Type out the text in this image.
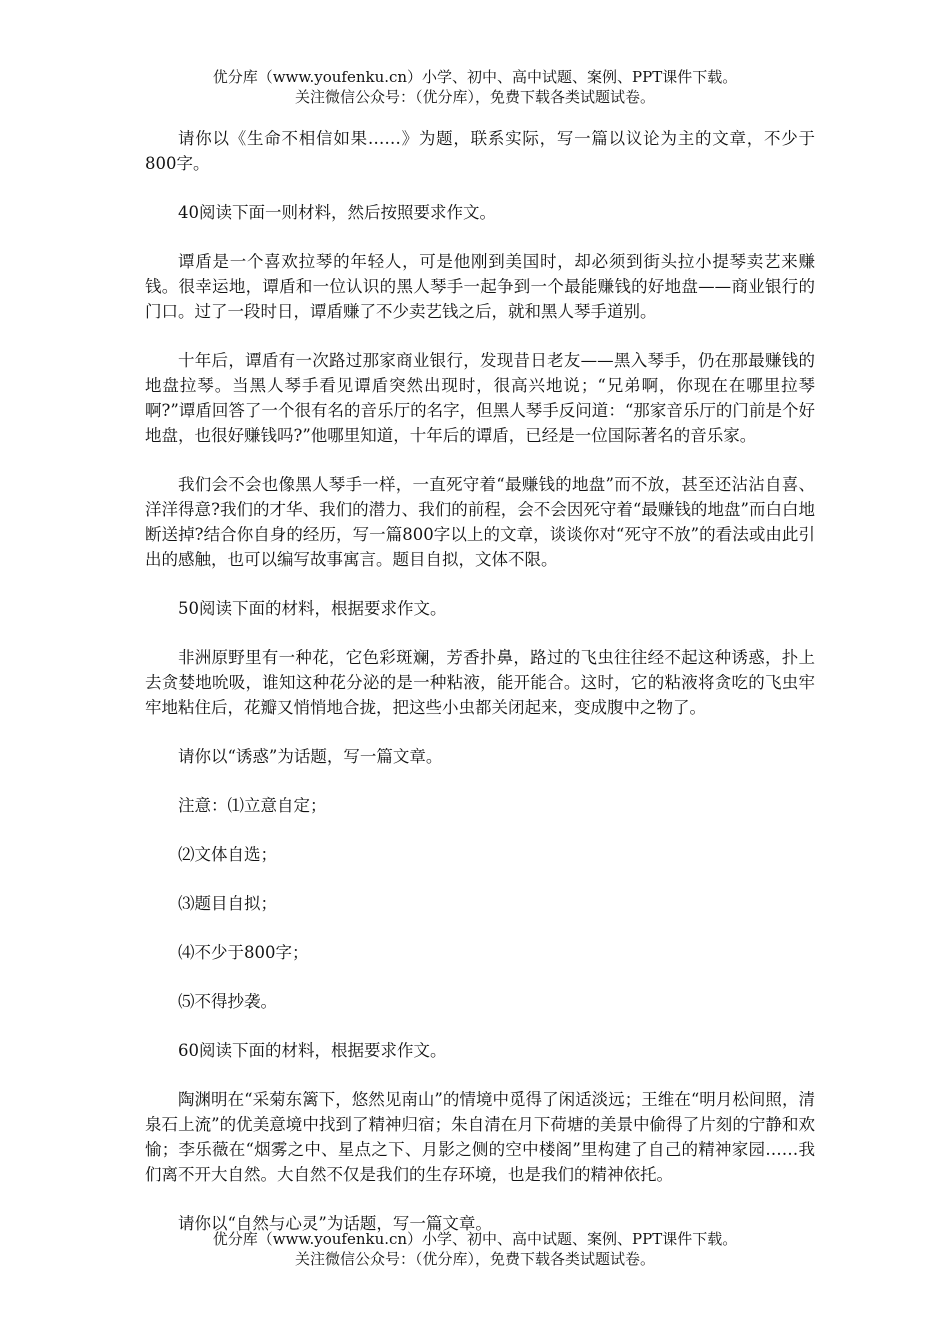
优分库（www.youfenku.cn）小学、初中、高中试题、案例、PPT课件下载。
关注微信公众号：（优分库），免费下载各类试题试卷。

请你以《生命不相信如果……》为题，联系实际，写一篇以议论为主的文章，不少于800字。

40阅读下面一则材料，然后按照要求作文。

谭盾是一个喜欢拉琴的年轻人，可是他刚到美国时，却必须到街头拉小提琴卖艺来赚钱。很幸运地，谭盾和一位认识的黑人琴手一起争到一个最能赚钱的好地盘——商业银行的门口。过了一段时日，谭盾赚了不少卖艺钱之后，就和黑人琴手道别。

十年后，谭盾有一次路过那家商业银行，发现昔日老友——黑入琴手，仍在那最赚钱的地盘拉琴。当黑人琴手看见谭盾突然出现时，很高兴地说；“兄弟啊，你现在在哪里拉琴啊?”谭盾回答了一个很有名的音乐厅的名字，但黑人琴手反问道：“那家音乐厅的门前是个好地盘，也很好赚钱吗?”他哪里知道，十年后的谭盾，已经是一位国际著名的音乐家。

我们会不会也像黑人琴手一样，一直死守着“最赚钱的地盘”而不放，甚至还沾沾自喜、洋洋得意?我们的才华、我们的潜力、我们的前程，会不会因死守着“最赚钱的地盘”而白白地断送掉?结合你自身的经历，写一篇800字以上的文章，谈谈你对“死守不放”的看法或由此引出的感触，也可以编写故事寓言。题目自拟，文体不限。

50阅读下面的材料，根据要求作文。

非洲原野里有一种花，它色彩斑斓，芳香扑鼻，路过的飞虫往往经不起这种诱惑，扑上去贪婪地吮吸，谁知这种花分泌的是一种粘液，能开能合。这时，它的粘液将贪吃的飞虫牢牢地粘住后，花瓣又悄悄地合拢，把这些小虫都关闭起来，变成腹中之物了。

请你以“诱惑”为话题，写一篇文章。

注意：⑴立意自定；

⑵文体自选；

⑶题目自拟；

⑷不少于800字；

⑸不得抄袭。

60阅读下面的材料，根据要求作文。

陶渊明在“采菊东篱下，悠然见南山”的情境中觅得了闲适淡远；王维在“明月松间照，清泉石上流”的优美意境中找到了精神归宿；朱自清在月下荷塘的美景中偷得了片刻的宁静和欢愉；李乐薇在“烟雾之中、星点之下、月影之侧的空中楼阁”里构建了自己的精神家园……我们离不开大自然。大自然不仅是我们的生存环境，也是我们的精神依托。

请你以“自然与心灵”为话题，写一篇文章。

优分库（www.youfenku.cn）小学、初中、高中试题、案例、PPT课件下载。
关注微信公众号：（优分库），免费下载各类试题试卷。
